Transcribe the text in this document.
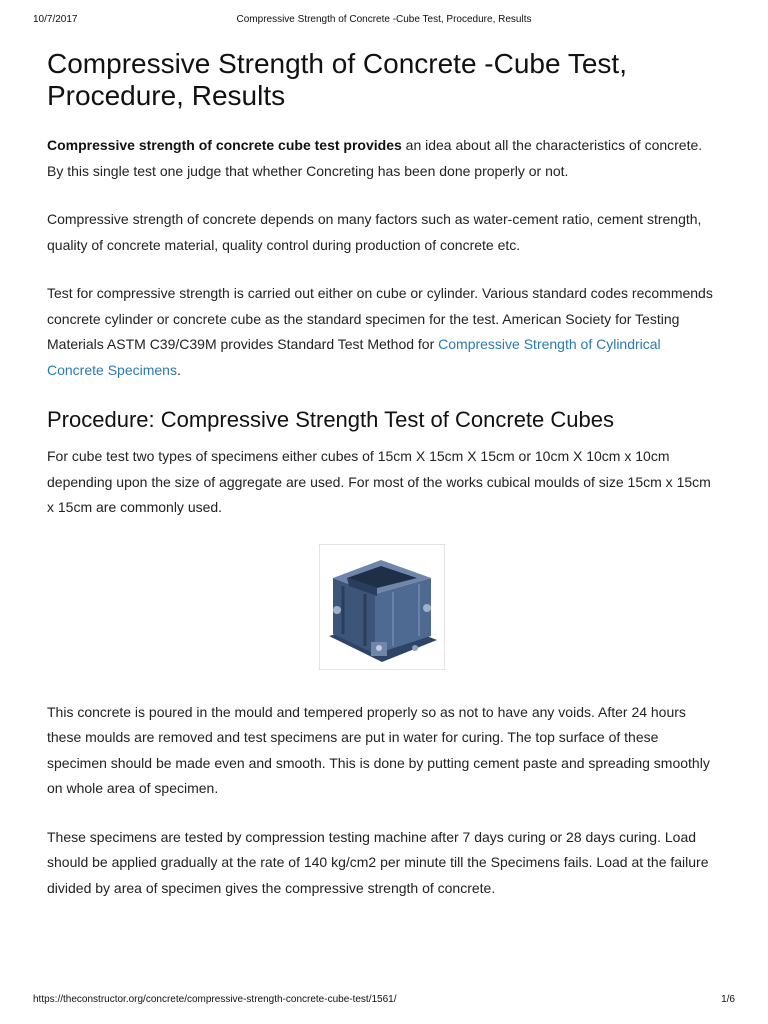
10/7/2017	Compressive Strength of Concrete -Cube Test, Procedure, Results
Compressive Strength of Concrete -Cube Test, Procedure, Results

Compressive strength of concrete cube test provides an idea about all the characteristics of concrete. By this single test one judge that whether Concreting has been done properly or not.

Compressive strength of concrete depends on many factors such as water-cement ratio, cement strength, quality of concrete material, quality control during production of concrete etc.

Test for compressive strength is carried out either on cube or cylinder. Various standard codes recommends concrete cylinder or concrete cube as the standard specimen for the test. American Society for Testing Materials ASTM C39/C39M provides Standard Test Method for Compressive Strength of Cylindrical Concrete Specimens.

Procedure: Compressive Strength Test of Concrete Cubes

For cube test two types of specimens either cubes of 15cm X 15cm X 15cm or 10cm X 10cm x 10cm depending upon the size of aggregate are used. For most of the works cubical moulds of size 15cm x 15cm x 15cm are commonly used.

This concrete is poured in the mould and tempered properly so as not to have any voids. After 24 hours these moulds are removed and test specimens are put in water for curing. The top surface of these specimen should be made even and smooth. This is done by putting cement paste and spreading smoothly on whole area of specimen.

These specimens are tested by compression testing machine after 7 days curing or 28 days curing. Load should be applied gradually at the rate of 140 kg/cm2 per minute till the Specimens fails. Load at the failure divided by area of specimen gives the compressive strength of concrete.

https://theconstructor.org/concrete/compressive-strength-concrete-cube-test/1561/	1/6
